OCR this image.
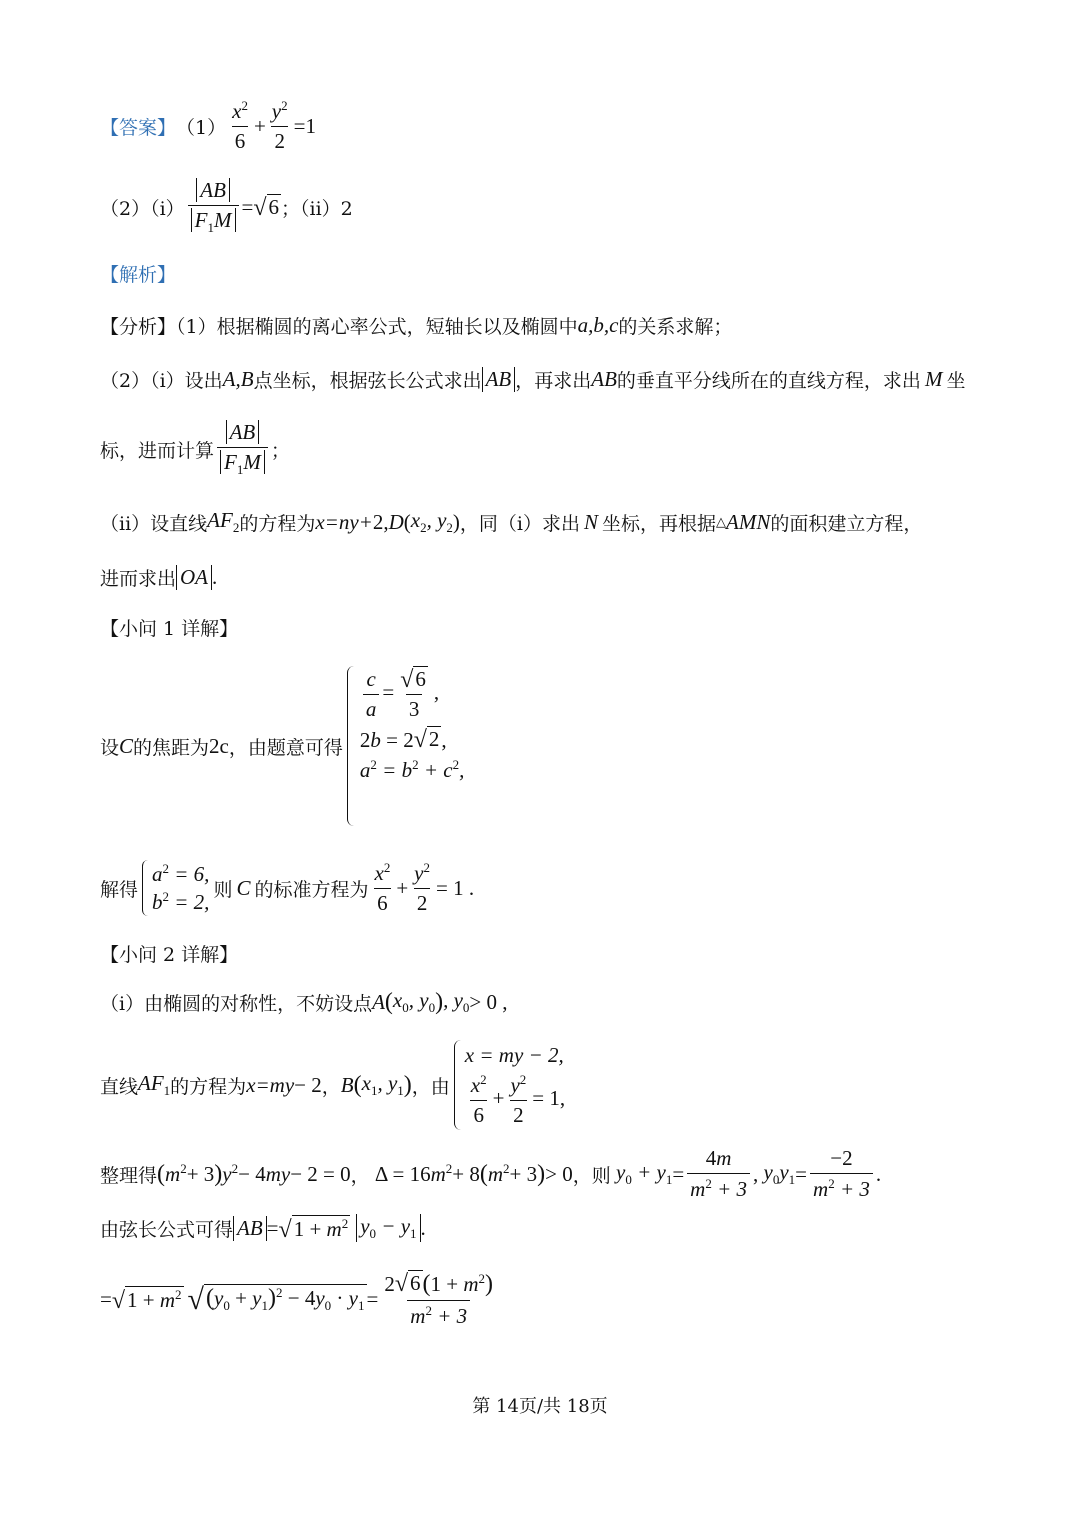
【答案】 $(1) \frac{x^2}{6} + \frac{y^2}{2} =1$
$(2)(i) \frac{AB}{F_1M}$ = √ 6 ；（ii）2
【解析】
【分析】（1）根据椭圆的离心率公式，短轴长以及椭圆中 a,b,c 的关系求解；
（2）（i）设出 A,B 点坐标，根据弦长公式求出 AB ，再求出 AB 的垂直平分线所在的直线方程，求出 M 坐
标，进而计算 $\frac{AB}{F_1M}$ ；
（ii）设直线 $AF_2$ 的方程为 x=ny+ 2, D ( $x_2$, $y_2$ ) ，同（i）求出 N 坐标，再根据 △ AMN 的面积建立方程，
进而求出 OA .
【小问 1 详解】
设 C 的焦距为 2c ，由题意可得
$\frac{c}{a} = \frac{√ 6}{3}$ ,
2b = 2 √ 2 ,
$a^2 = b^2 + c^2$,
解得
$a^2 = 6$,
$b^2 = 2$,
则 C 的标准方程为 $\frac{x^2}{6} + \frac{y^2}{2} = 1$ .
【小问 2 详解】
（i）由椭圆的对称性，不妨设点 A ( $x_0$, $y_0$ ) , $y_0 > 0$ ,
直线 $AF_1$ 的方程为 x=my − 2 ， B ( $x_1$, $y_1$ ) ，由
x = my − 2,
$\frac{x^2}{6} + \frac{y^2}{2} = 1$,
整理得 ( $m^2 + 3$ ) $y^2 - 4$ my − 2 = 0 ， Δ = 16 $m^2 + 8$ ( $m^2 + 3$ ) > 0 ，则 $y_0 + y_1 = \frac{4m}{m^2 + 3}$ , $y_0y_1 = \frac{-2}{m^2 + 3}$ .
由弦长公式可得 AB = √ $1 + m^2$ $y_0 - y_1$ .
= √ $1 + m^2$ √ $(y_0 + y_1)^2 - 4y_0 \cdot y_1 = \frac{2 √ 6 (1 + m^2)}{m^2 + 3}$
第 14页/共 18页
